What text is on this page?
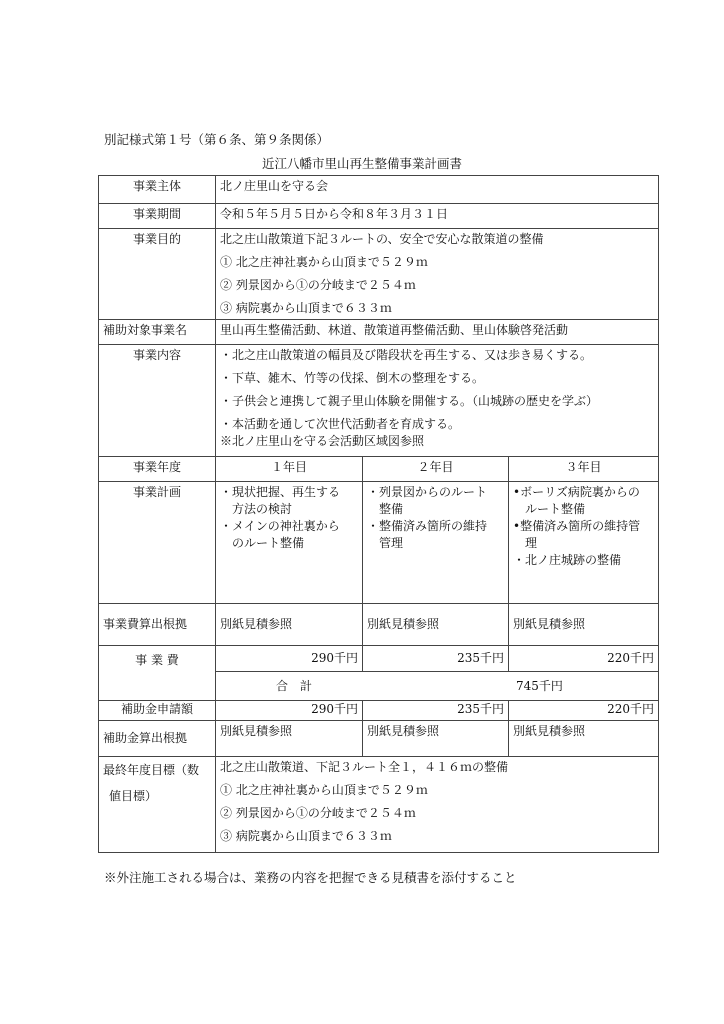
別記様式第１号（第６条、第９条関係）
近江八幡市里山再生整備事業計画書
事業主体	北ノ庄里山を守る会		
事業期間	令和５年５月５日から令和８年３月３１日		
事業目的	北之庄山散策道下記３ルートの、安全で安心な散策道の整備
① 北之庄神社裏から山頂まで５２９ｍ
② 列景図から①の分岐まで２５４ｍ
③ 病院裏から山頂まで６３３ｍ		

補助対象事業名	里山再生整備活動、林道、散策道再整備活動、里山体験啓発活動		
事業内容	・北之庄山散策道の幅員及び階段状を再生する、又は歩き易くする。
・下草、雑木、竹等の伐採、倒木の整理をする。
・子供会と連携して親子里山体験を開催する。（山城跡の歴史を学ぶ）
・本活動を通して次世代活動者を育成する。
※北ノ庄里山を守る会活動区域図参照		

事業年度	１年目	２年目	３年目
事業計画	・現状把握、再生する
　方法の検討
・メインの神社裏から
　のルート整備	・列景図からのルート
　整備
・整備済み箇所の維持
　管理	•ボーリズ病院裏からの
　ルート整備
•整備済み箇所の維持管
　理
・北ノ庄城跡の整備

事業費算出根拠	別紙見積参照	別紙見積参照	別紙見積参照
事 業 費	290千円	235千円	220千円

	合　計 745千円		

補助金申請額	290千円	235千円	220千円
補助金算出根拠	別紙見積参照	別紙見積参照	別紙見積参照

最終年度目標（数
値目標）	北之庄山散策道、下記３ルート全１，４１６ｍの整備
① 北之庄神社裏から山頂まで５２９ｍ
② 列景図から①の分岐まで２５４ｍ
③ 病院裏から山頂まで６３３ｍ		
※外注施工される場合は、業務の内容を把握できる見積書を添付すること
